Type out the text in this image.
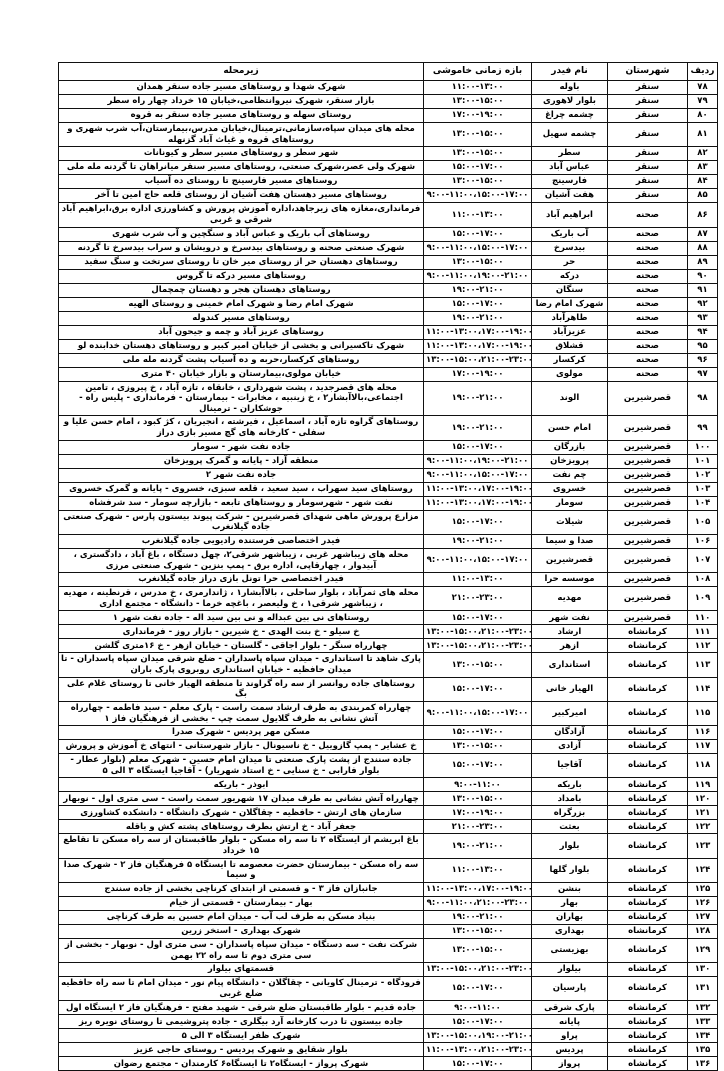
ردیف	شهرستان	نام فیدر	بازه زمانی خاموشی	زیرمحله
۷۸	سنقر	باوله	۱۱:۰۰-۱۳:۰۰	شهرک شهدا و روستاهای مسیر جاده سنقر همدان
۷۹	سنقر	بلوار لاهوری	۱۳:۰۰-۱۵:۰۰	بازار سنقر، شهرک نیروانتظامی،خیابان ۱۵ خرداد چهار راه سطر
۸۰	سنقر	چشمه چراغ	۱۷:۰۰-۱۹:۰۰	روستای سهله و روستاهای مسیر جاده سنقر به قروه
۸۱	سنقر	چشمه سهیل	۱۳:۰۰-۱۵:۰۰	محله های میدان سپاه،سازمانی،ترمینال،خیابان مدرس،بیمارستان،آب شرب شهری و روستاهای قروه و غیاث آباد گزنهله
۸۲	سنقر	سطر	۱۳:۰۰-۱۵:۰۰	شهر سطر و روستاهای مسیر سطر و کیونانات
۸۳	سنقر	عباس آباد	۱۵:۰۰-۱۷:۰۰	شهرک ولی عصر،شهرک صنعتی، روستاهای مسیر سنقر میانراهان تا گردنه مله ملی
۸۴	سنقر	فارسینج	۱۳:۰۰-۱۵:۰۰	روستاهای مسیر فارسینج تا روستای ده آسیاب
۸۵	سنقر	هفت آشیان	۹:۰۰-۱۱:۰۰،۱۵:۰۰-۱۷:۰۰	روستاهای مسیر دهستان هفت آشیان از روستای قلعه حاج امین تا آخر
۸۶	صحنه	ابراهیم آباد	۱۱:۰۰-۱۳:۰۰	فرمانداری،مغازه های زیرجاهد،اداره آموزش پرورش و کشاورزی اداره برق،ابراهیم آباد شرقی و غربی
۸۷	صحنه	آب باریک	۱۵:۰۰-۱۷:۰۰	روستاهای آب باریک و عباس آباد و سنگچین و آب شرب شهری
۸۸	صحنه	بیدسرخ	۹:۰۰-۱۱:۰۰،۱۵:۰۰-۱۷:۰۰	شهرک صنعتی صحنه و روستاهای بیدسرخ و درویشان و سراب بیدسرخ تا گردنه
۸۹	صحنه	حر	۱۳:۰۰-۱۵:۰۰	روستاهای دهستان حر از روستای میر خان تا روستای سرتخت و سنگ سفید
۹۰	صحنه	درکه	۹:۰۰-۱۱:۰۰،۱۹:۰۰-۲۱:۰۰	روستاهای مسیر درکه تا گروس
۹۱	صحنه	سنگان	۱۹:۰۰-۲۱:۰۰	روستاهای دهستان هجر و دهستان چمچمال
۹۲	صحنه	شهرک امام رضا	۱۵:۰۰-۱۷:۰۰	شهرک امام رضا و شهرک امام خمینی و روستای الهیه
۹۳	صحنه	طاهرآباد	۱۹:۰۰-۲۱:۰۰	روستاهای مسیر کندوله
۹۴	صحنه	عزیزآباد	۱۱:۰۰-۱۳:۰۰،۱۷:۰۰-۱۹:۰۰	روستاهای عزیز آباد و چمه و جیحون آباد
۹۵	صحنه	قشلاق	۱۱:۰۰-۱۳:۰۰،۱۷:۰۰-۱۹:۰۰	شهرک تاکسیرانی و بخشی از خیابان امیر کبیر و روستاهای دهستان خدابنده لو
۹۶	صحنه	کرکسار	۱۳:۰۰-۱۵:۰۰،۲۱:۰۰-۲۳:۰۰	روستاهای کرکسار،حربه و ده آسیاب پشت گردنه مله ملی
۹۷	صحنه	مولوی	۱۷:۰۰-۱۹:۰۰	خیابان مولوی،بیمارستان و بازار خیابان ۴۰ متری
۹۸	قصرشیرین	الوند	۱۹:۰۰-۲۱:۰۰	محله های قصرجدید ، پشت شهرداری ، خانقاه ، تازه آباد ، خ پیروزی ، تامین اجتماعی،بالاآبشار۲ ، خ زینبیه ، مخابرات - بیمارستان - فرمانداری - پلیس راه - جوشکاران - ترمینال
۹۹	قصرشیرین	امام حسن	۱۹:۰۰-۲۱:۰۰	روستاهای گراوه تازه آباد ، اسماعیل ، فیرشته ، انجیریان ، کژ کبود ، امام حسن علیا و سفلی - کارخانه های گچ مسیر بازی دراز
۱۰۰	قصرشیرین	بازرگان	۱۵:۰۰-۱۷:۰۰	جاده نفت شهر - سومار
۱۰۱	قصرشیرین	پرویزخان	۹:۰۰-۱۱:۰۰،۱۹:۰۰-۲۱:۰۰	منطقه آزاد - پایانه و گمرک پرویزخان
۱۰۲	قصرشیرین	چم نفت	۹:۰۰-۱۱:۰۰،۱۵:۰۰-۱۷:۰۰	جاده نفت شهر ۲
۱۰۳	قصرشیرین	خسروی	۱۱:۰۰-۱۳:۰۰،۱۷:۰۰-۱۹:۰۰	روستاهای سید سهراب ، سید سعید ، قلعه سبزی، خسروی - پایانه و گمرک خسروی
۱۰۴	قصرشیرین	سومار	۱۱:۰۰-۱۳:۰۰،۱۷:۰۰-۱۹:۰۰	نفت شهر - شهرسومار و روستاهای تابعه - بازارچه سومار - سد شرفشاه
۱۰۵	قصرشیرین	شیلات	۱۵:۰۰-۱۷:۰۰	مزارع پرورش ماهی شهدای قصرشیرین - شرکت پیوند بیستون پارس - شهرک صنعتی جاده گیلانغرب
۱۰۶	قصرشیرین	صدا و سیما	۱۹:۰۰-۲۱:۰۰	فیدر اختصاصی فرستنده رادیویی جاده گیلانغرب
۱۰۷	قصرشیرین	قصرشیرین	۹:۰۰-۱۱:۰۰،۱۵:۰۰-۱۷:۰۰	محله های زیباشهر غربی ، زیباشهر شرقی۲، چهل دستگاه ، باغ آباد ، دادگستری ، آبیدوار ، چهارقاپی، اداره برق - پمپ بنزین - شهرک صنعتی مرزی
۱۰۸	قصرشیرین	موسسه حرا	۱۱:۰۰-۱۳:۰۰	فیدر اختصاصی حرا تونل بازی دراز جاده گیلانغرب
۱۰۹	قصرشیرین	مهدیه	۲۱:۰۰-۲۳:۰۰	محله های ثمرآباد ، بلوار ساحلی ، بالاآبشار۱ ، ژاندارمری ، خ مدرس ، قرنطینه ، مهدیه ، زیباشهر شرقی۱ ، خ ولیعصر ، باغچه خرما - دانشگاه - مجتمع اداری
۱۱۰	قصرشیرین	نفت شهر	۱۵:۰۰-۱۷:۰۰	روستاهای نی بین عبداله و نی بین سید اله - جاده نفت شهر ۱
۱۱۱	کرمانشاه	ارشاد	۱۳:۰۰-۱۵:۰۰،۲۱:۰۰-۲۳:۰۰	خ سیلو - خ بنت الهدی - خ شیرین - بازار روز - فرمانداری
۱۱۲	کرمانشاه	ازهر	۱۳:۰۰-۱۵:۰۰،۲۱:۰۰-۲۳:۰۰	چهارراه سنگر - بلوار اجاقی - گلستان - خیابان ازهر - خ ۱۶متری گلشن
۱۱۳	کرمانشاه	استانداری	۱۳:۰۰-۱۵:۰۰	پارک شاهد تا استانداری - میدان سپاه پاسداران - ضلع شرقی میدان سپاه پاسداران - تا میدان حافظیه - خیابان استانداری روبروی پارک باران
۱۱۴	کرمانشاه	الهیار خانی	۱۵:۰۰-۱۷:۰۰	روستاهای جاده روانسر از سه راه گراوند تا منطقه الهیار خانی تا روستای غلام علی بگ
۱۱۵	کرمانشاه	امیرکبیر	۹:۰۰-۱۱:۰۰،۱۵:۰۰-۱۷:۰۰	چهارراه کمربندی به طرف ارشاد سمت راست - پارک معلم - سید فاطمه - چهارراه آتش نشانی به طرف گلایول سمت چپ - بخشی از فرهنگیان فاز ۱
۱۱۶	کرمانشاه	آزادگان	۱۵:۰۰-۱۷:۰۰	مسکن مهر پردیس - شهرک صدرا
۱۱۷	کرمانشاه	آزادی	۱۳:۰۰-۱۵:۰۰	خ عشایر - پمپ گازوییل - خ ناسیونال - بازار شهرستانی - انتهای خ آموزش و پرورش
۱۱۸	کرمانشاه	آقاجیا	۱۵:۰۰-۱۷:۰۰	جاده سنندج از پشت پارک صنعتی تا میدان امام حسین - شهرک معلم (بلوار عطار - بلوار فارابی - خ سنایی - خ استاد شهریار) - آقاجیا ایستگاه ۳ الی ۵
۱۱۹	کرمانشاه	باریکه	۹:۰۰-۱۱:۰۰	ابوذر - باریکه
۱۲۰	کرمانشاه	بامداد	۱۳:۰۰-۱۵:۰۰	چهارراه آتش نشانی به طرف میدان ۱۷ شهریور سمت راست - سی متری اول - نوبهار
۱۲۱	کرمانشاه	بزرگراه	۱۷:۰۰-۱۹:۰۰	سازمان های ارتش - حافظیه - چقاگلان - شهرک دانشگاه - دانشکده کشاورزی
۱۲۲	کرمانشاه	بعثت	۲۱:۰۰-۲۳:۰۰	جعفر آباد - خ ارتش بطرف روستاهای پشته کش و باقله
۱۲۳	کرمانشاه	بلوار	۱۹:۰۰-۲۱:۰۰	باغ ابریشم از ایستگاه ۲ تا سه راه مسکن - بلوار طاقبستان از سه راه مسکن تا تقاطع ۱۵ خرداد
۱۲۴	کرمانشاه	بلوار گلها	۱۱:۰۰-۱۳:۰۰	سه راه مسکن - بیمارستان حضرت معصومه تا ایستگاه ۵ فرهنگیان فاز ۲ - شهرک صدا و سیما
۱۲۵	کرمانشاه	بنشن	۱۱:۰۰-۱۳:۰۰،۱۷:۰۰-۱۹:۰۰	جانبازان فاز ۳ - و قسمتی از ابتدای کرناچی بخشی از جاده سنندج
۱۲۶	کرمانشاه	بهار	۹:۰۰-۱۱:۰۰،۲۱:۰۰-۲۳:۰۰	بهار - بیمارستان - قسمتی از خیام
۱۲۷	کرمانشاه	بهاران	۱۹:۰۰-۲۱:۰۰	بنیاد مسکن به طرف لب آب - میدان امام حسین به طرف کرناچی
۱۲۸	کرمانشاه	بهداری	۱۳:۰۰-۱۵:۰۰	شهرک بهداری - استخر زرین
۱۲۹	کرمانشاه	بهزیستی	۱۳:۰۰-۱۵:۰۰	شرکت نفت - سه دستگاه - میدان سپاه پاسداران - سی متری اول - نوبهار - بخشی از سی متری دوم تا سه راه ۲۲ بهمن
۱۳۰	کرمانشاه	بیلوار	۱۳:۰۰-۱۵:۰۰،۲۱:۰۰-۲۳:۰۰	قسمتهای بیلوار
۱۳۱	کرمانشاه	پارسیان	۱۵:۰۰-۱۷:۰۰	فرودگاه - ترمینال کاویانی - چقاگلان - دانشگاه پیام نور - میدان امام تا سه راه حافظیه ضلع غربی
۱۳۲	کرمانشاه	پارک شرقی	۹:۰۰-۱۱:۰۰	جاده قدیم - بلوار طاقبستان ضلع شرقی - شهید مفتح - فرهنگیان فاز ۲ ایستگاه اول
۱۳۳	کرمانشاه	پایانه	۱۵:۰۰-۱۷:۰۰	جاده بیستون تا درب کارخانه آرد بیگلری - جاده پتروشیمی تا روستای نویره ریز
۱۳۴	کرمانشاه	پراو	۱۳:۰۰-۱۵:۰۰،۱۹:۰۰-۲۱:۰۰	شهرک ظفر ایستگاه ۳ الی ۵
۱۳۵	کرمانشاه	پردیس	۱۱:۰۰-۱۳:۰۰،۲۱:۰۰-۲۳:۰۰	بلوار شقایق و شهرک پردیس - روستای حاجی عزیز
۱۳۶	کرمانشاه	پرواز	۱۵:۰۰-۱۷:۰۰	شهرک پرواز - ایستگاه۲ تا ایستگاه۶ کارمندان - مجتمع رضوان
